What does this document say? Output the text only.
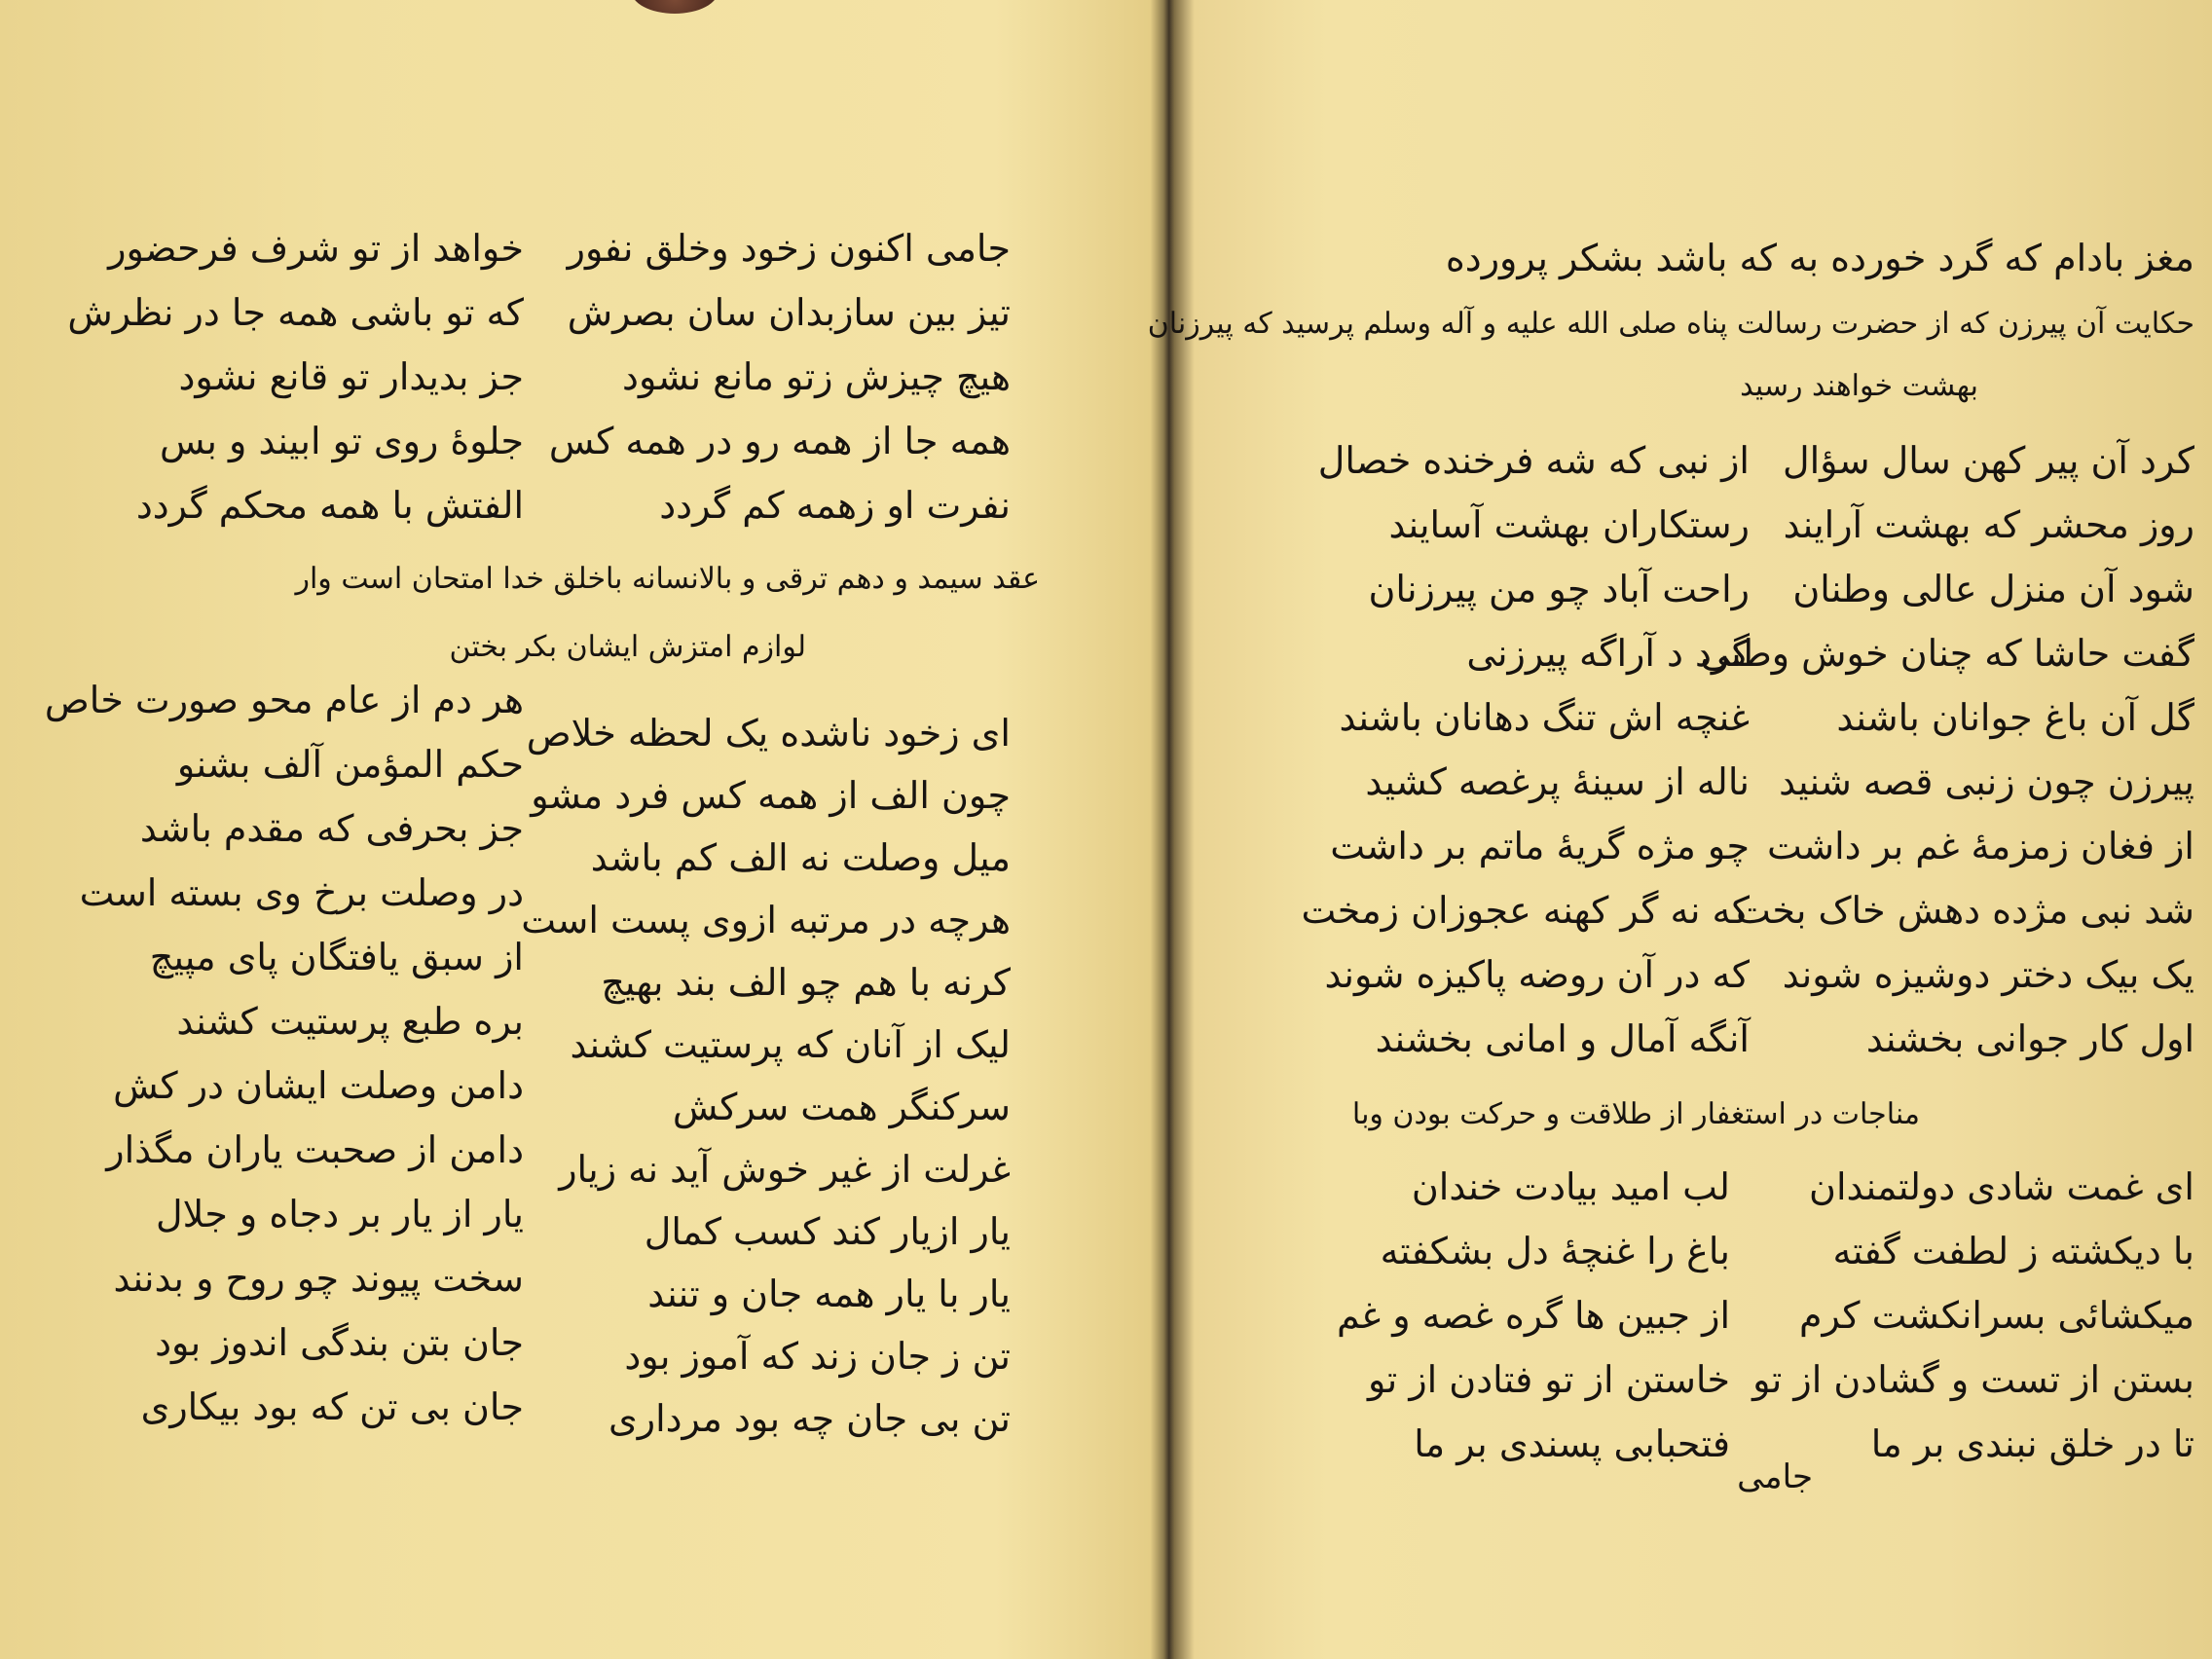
جامی اکنون زخود وخلق نفور
تیز بین سازبدان سان بصرش
هیچ چیزش زتو مانع نشود
همه جا از همه رو در همه کس
نفرت او زهمه کم گردد
خواهد از تو شرف فرحضور
که تو باشی همه جا در نظرش
جز بدیدار تو قانع نشود
جلوهٔ روی تو ابیند و بس
الفتش با همه محکم گردد
عقد سیمد و دهم ترقی و بالانسانه باخلق خدا امتحان است وار
لوازم امتزش ایشان بکر بختن
ای زخود ناشده یک لحظه خلاص
چون الف از همه کس فرد مشو
میل وصلت نه الف کم باشد
هرچه در مرتبه ازوی پست است
کرنه با هم چو الف بند بهیچ
لیک از آنان که پرستیت کشند
سرکنگر همت سرکش
غرلت از غیر خوش آید نه زیار
یار ازیار کند کسب کمال
یار با یار همه جان و تنند
تن ز جان زند که آموز بود
تن بی جان چه بود مرداری
هر دم از عام محو صورت خاص
حکم المؤمن آلف بشنو
جز بحرفی که مقدم باشد
در وصلت برخ وی بسته است
از سبق یافتگان پای مپیچ
بره طبع پرستیت کشند
دامن وصلت ایشان در کش
دامن از صحبت یاران مگذار
یار از یار بر دجاه و جلال
سخت پیوند چو روح و بدنند
جان بتن بندگی اندوز بود
جان بی تن که بود بیکاری
مغز بادام که گرد خورده به که باشد بشکر پرورده
حکایت آن پیرزن که از حضرت رسالت پناه صلی الله علیه و آله وسلم پرسید که پیرزنان
بهشت خواهند رسید
کرد آن پیر کهن سال سؤال
روز محشر که بهشت آرایند
شود آن منزل عالی وطنان
گفت حاشا که چنان خوش وطنی
گل آن باغ جوانان باشند
پیرزن چون زنبی قصه شنید
از فغان زمزمهٔ غم بر داشت
شد نبی مژده دهش خاک بخت
یک بیک دختر دوشیزه شوند
اول کار جوانی بخشند
از نبی که شه فرخنده خصال
رستکاران بهشت آسایند
راحت آباد چو من پیرزنان
گرد د آراگه پیرزنی
غنچه اش تنگ دهانان باشند
ناله از سینهٔ پرغصه کشید
چو مژه گریهٔ ماتم بر داشت
که نه گر کهنه عجوزان زمخت
که در آن روضه پاکیزه شوند
آنگه آمال و امانی بخشند
مناجات در استغفار از طلاقت و حرکت بودن وبا
ای غمت شادی دولتمندان
با دیکشته ز لطفت گفته
میکشائی بسرانکشت کرم
بستن از تست و گشادن از تو
تا در خلق نبندی بر ما
لب امید بیادت خندان
باغ را غنچهٔ دل بشکفته
از جبین ها گره غصه و غم
خاستن از تو فتادن از تو
فتحبابی پسندی بر ما
جامی
